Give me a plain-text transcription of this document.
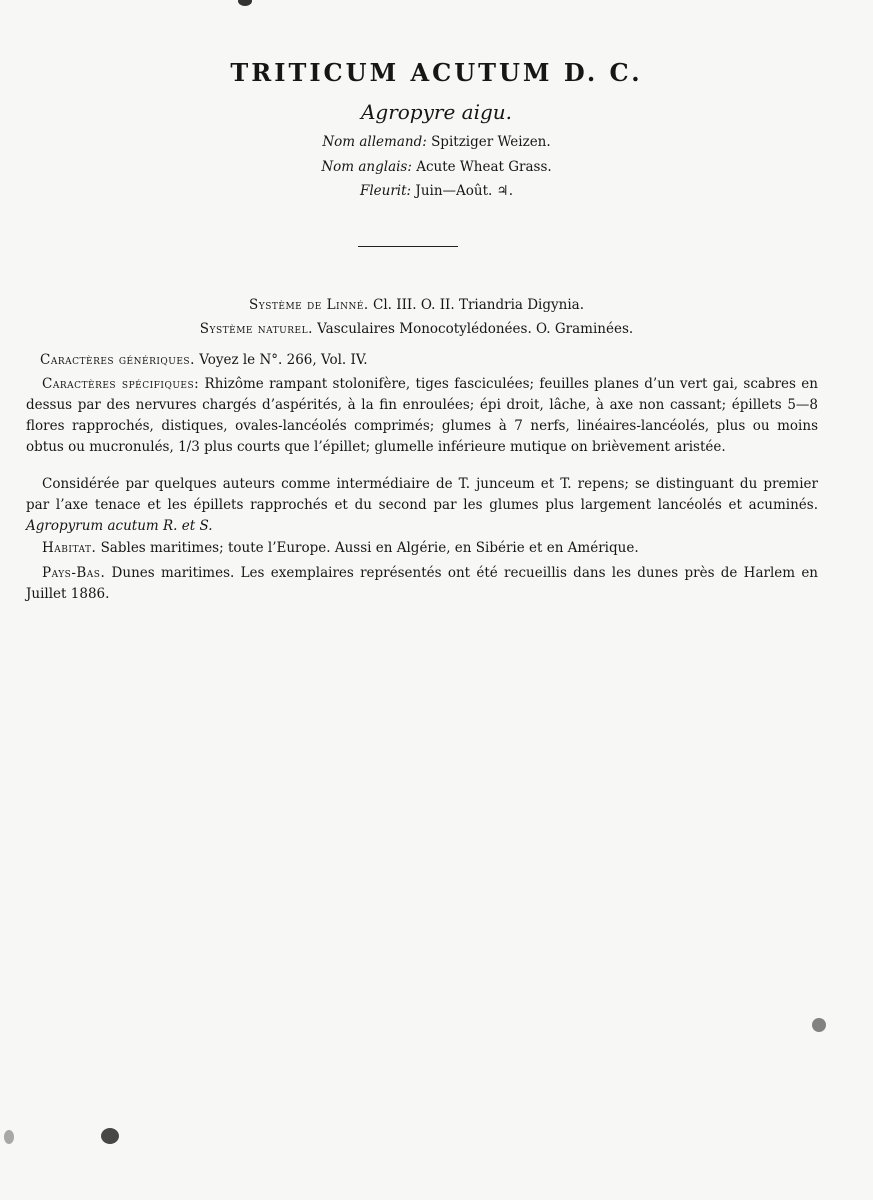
TRITICUM ACUTUM D. C.
Agropyre aigu.
Nom allemand: Spitziger Weizen.
Nom anglais: Acute Wheat Grass.
Fleurit: Juin—Août. ♃.
Système de Linné. Cl. III. O. II. Triandria Digynia.
Système naturel. Vasculaires Monocotylédonées. O. Graminées.
Caractères génériques. Voyez le N°. 266, Vol. IV.
Caractères spécifiques: Rhizôme rampant stolonifère, tiges fasciculées; feuilles planes d’un vert gai, scabres en dessus par des nervures chargés d’aspérités, à la fin enroulées; épi droit, lâche, à axe non cassant; épillets 5—8 flores rapprochés, distiques, ovales-lancéolés comprimés; glumes à 7 nerfs, linéaires-lancéolés, plus ou moins obtus ou mucronulés, 1/3 plus courts que l’épillet; glumelle inférieure mutique on brièvement aristée.
Considérée par quelques auteurs comme intermédiaire de T. junceum et T. repens; se distinguant du premier par l’axe tenace et les épillets rapprochés et du second par les glumes plus largement lancéolés et acuminés. Agropyrum acutum R. et S.
Habitat. Sables maritimes; toute l’Europe. Aussi en Algérie, en Sibérie et en Amérique.
Pays-Bas. Dunes maritimes. Les exemplaires représentés ont été recueillis dans les dunes près de Harlem en Juillet 1886.
